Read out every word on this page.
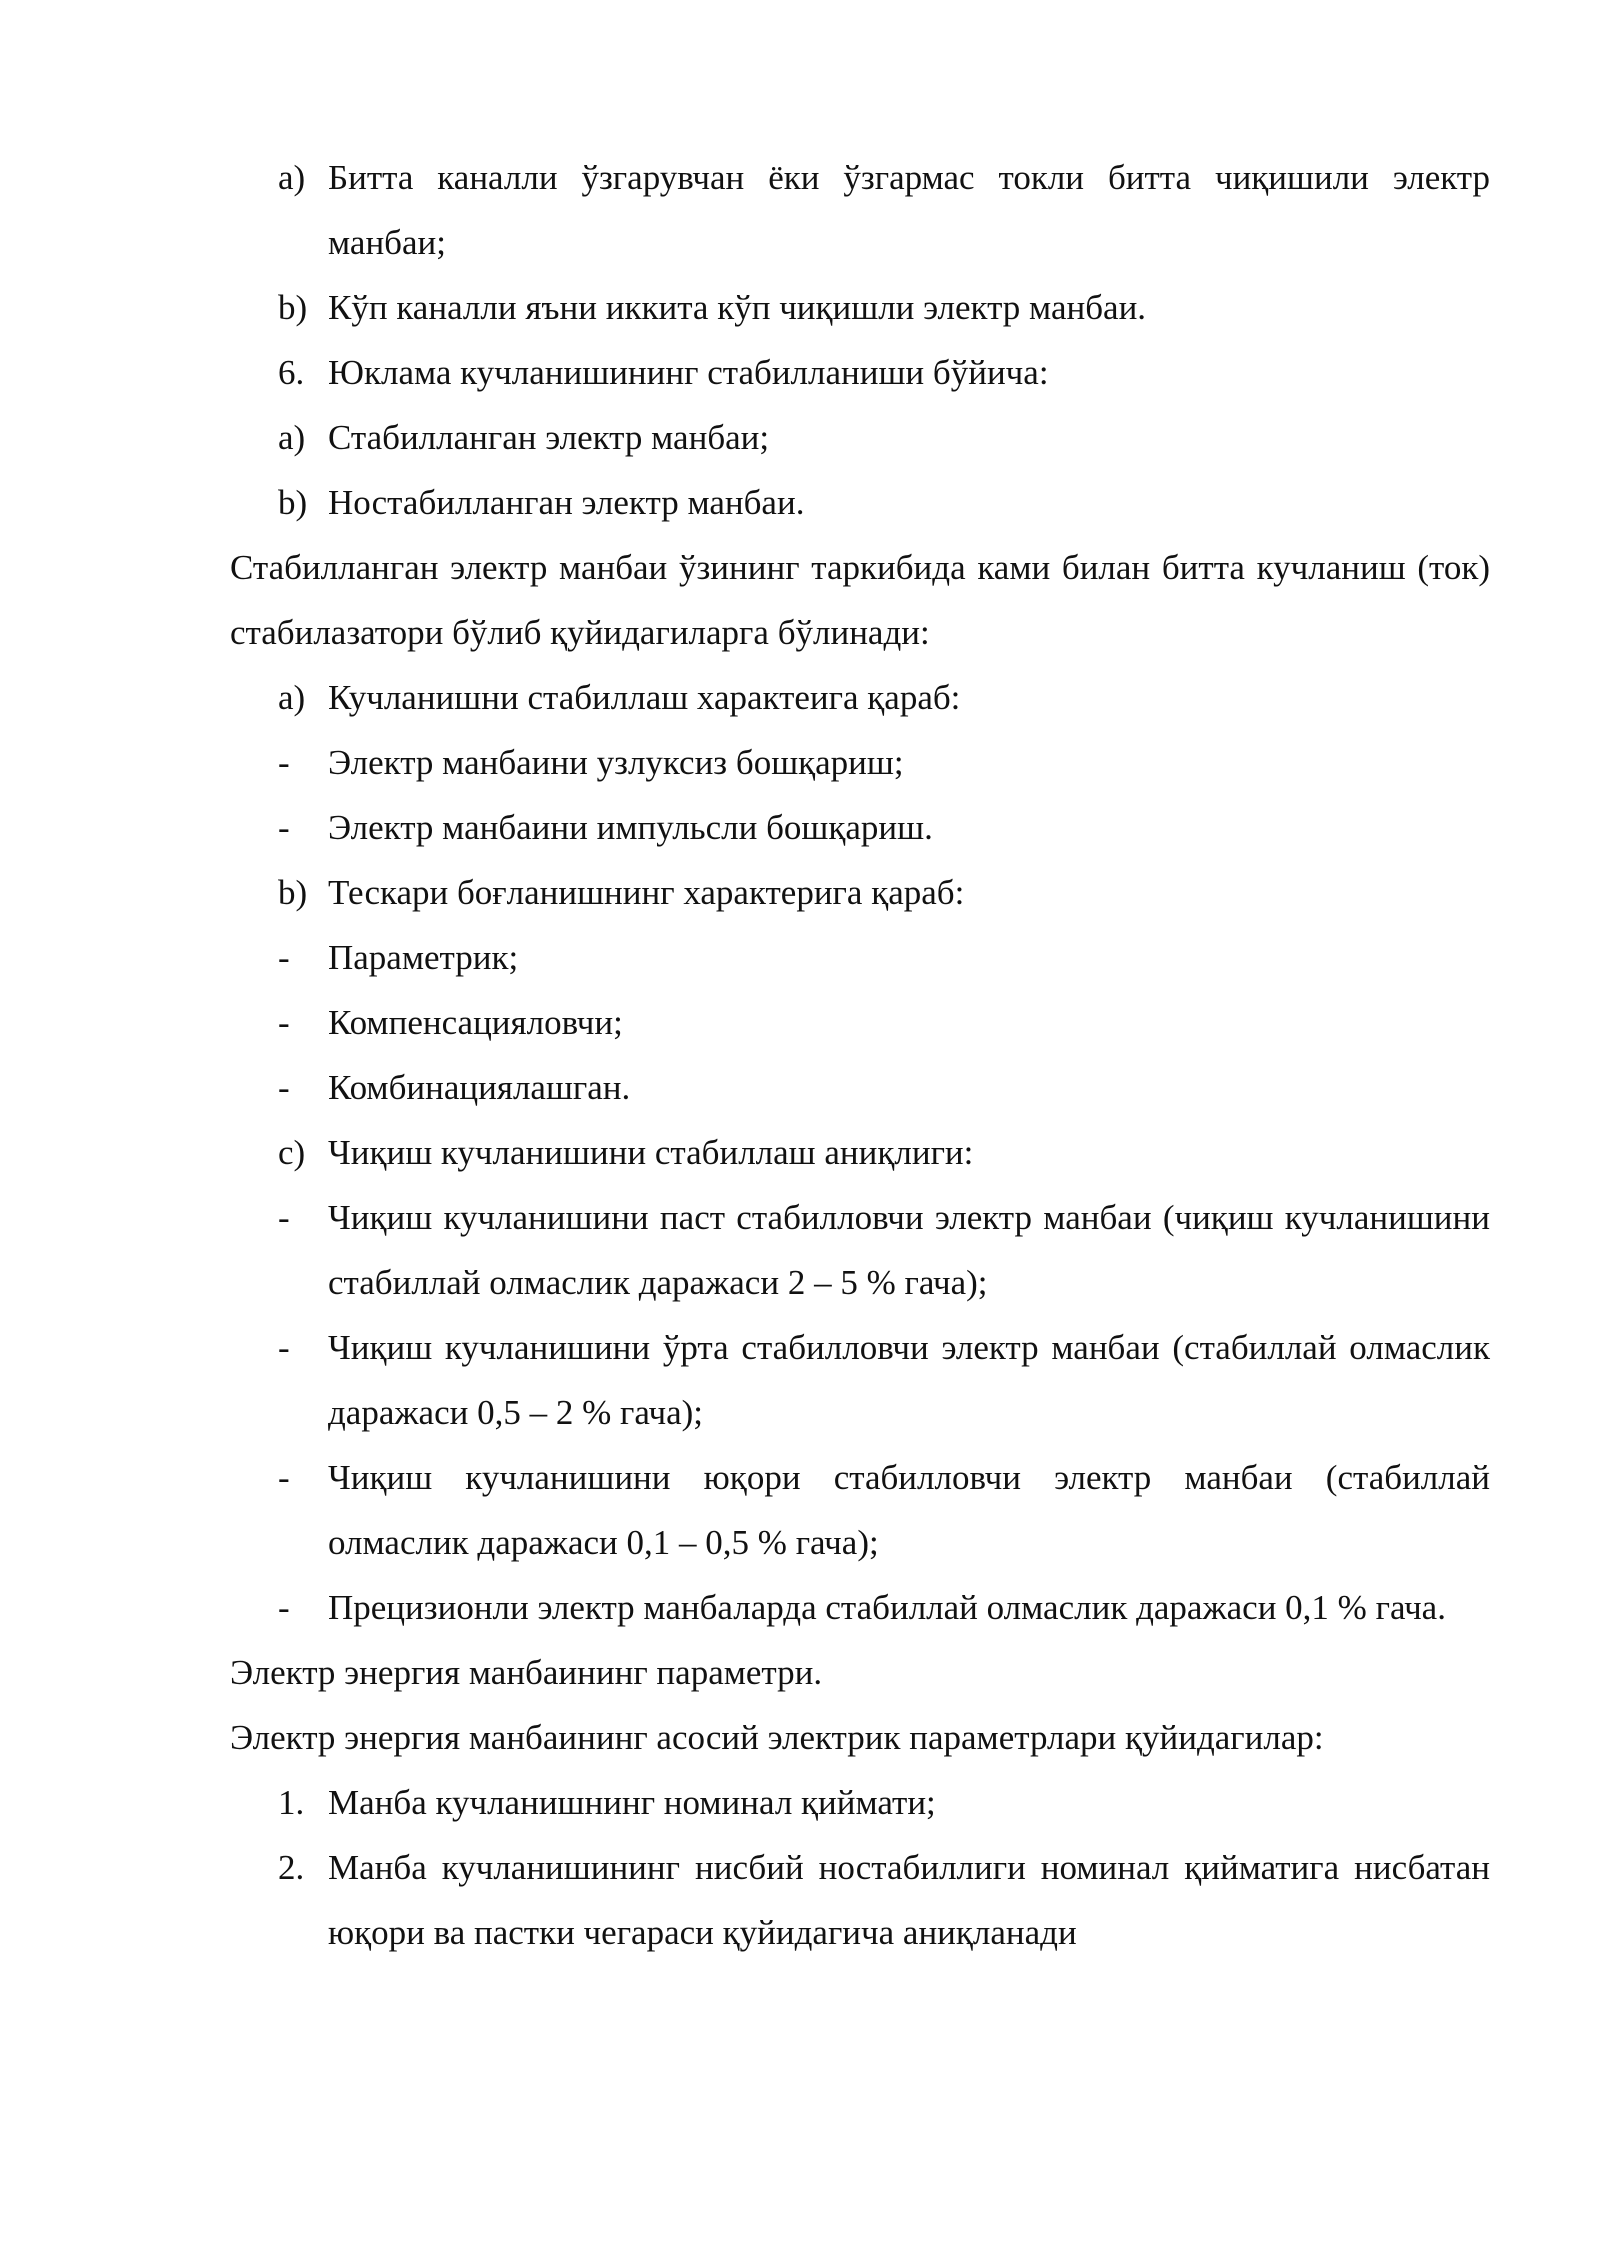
a) Битта каналли ўзгарувчан ёки ўзгармас токли битта чиқишили электр манбаи;
b) Кўп каналли яъни иккита кўп чиқишли электр манбаи.
6. Юклама кучланишининг стабилланиши бўйича:
a) Стабилланган электр манбаи;
b) Ностабилланган электр манбаи.
Стабилланган электр манбаи ўзининг таркибида ками билан битта кучланиш (ток) стабилазатори бўлиб қуйидагиларга бўлинади:
a) Кучланишни стабиллаш характеига қараб:
- Электр манбаини узлуксиз бошқариш;
- Электр манбаини импульсли бошқариш.
b) Тескари боғланишнинг характерига қараб:
- Параметрик;
- Компенсацияловчи;
- Комбинациялашган.
c) Чиқиш кучланишини стабиллаш аниқлиги:
- Чиқиш кучланишини паст стабилловчи электр манбаи (чиқиш кучланишини стабиллай олмаслик даражаси 2 – 5 % гача);
- Чиқиш кучланишини ўрта стабилловчи электр манбаи (стабиллай олмаслик даражаси 0,5 – 2 % гача);
- Чиқиш кучланишини юқори стабилловчи электр манбаи (стабиллай олмаслик даражаси 0,1 – 0,5 % гача);
- Прецизионли электр манбаларда стабиллай олмаслик даражаси 0,1 % гача.
Электр энергия манбаининг параметри.
Электр энергия манбаининг асосий электрик параметрлари қуйидагилар:
1. Манба кучланишнинг номинал қиймати;
2. Манба кучланишининг нисбий ностабиллиги номинал қийматига нисбатан юқори ва пастки чегараси қуйидагича аниқланади
